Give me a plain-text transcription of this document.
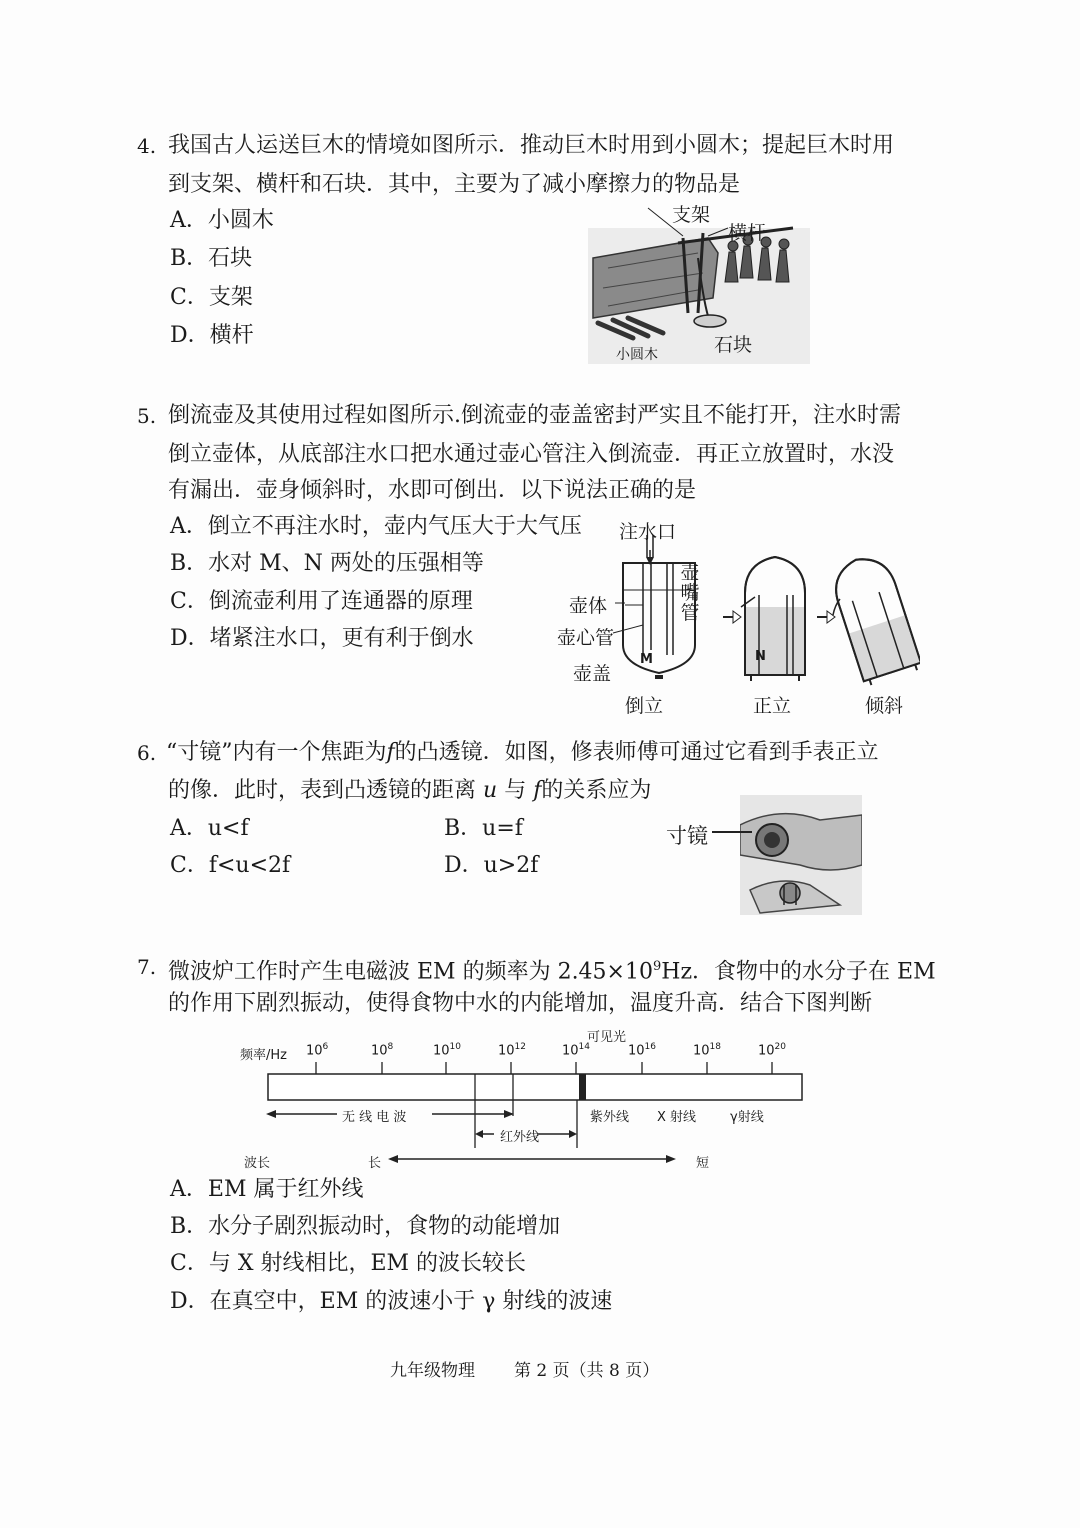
4. 我国古人运送巨木的情境如图所示．推动巨木时用到小圆木；提起巨木时用
到支架、横杆和石块．其中，主要为了减小摩擦力的物品是
A．小圆木
B．石块
C．支架
D．横杆
支架
横杆
石块
小圆木
5. 倒流壶及其使用过程如图所示.倒流壶的壶盖密封严实且不能打开，注水时需
倒立壶体，从底部注水口把水通过壶心管注入倒流壶．再正立放置时，水没
有漏出．壶身倾斜时，水即可倒出．以下说法正确的是
A．倒立不再注水时，壶内气压大于大气压
B．水对 M、N 两处的压强相等
C．倒流壶利用了连通器的原理
D．堵紧注水口，更有利于倒水
注水口
壶体
壶心管
壶盖
壶嘴管
M	N
倒立	正立	倾斜
6. “寸镜”内有一个焦距为f的凸透镜．如图，修表师傅可通过它看到手表正立
的像．此时，表到凸透镜的距离 u 与 f的关系应为
A．u<f	B．u=f
C．f<u<2f	D．u>2f
寸镜
7. 微波炉工作时产生电磁波 EM 的频率为 $2.45\times 10^9Hz$．食物中的水分子在 EM
的作用下剧烈振动，使得食物中水的内能增加，温度升高．结合下图判断
频率/Hz $10^6$	$10^8$	$10^{10}$	$10^{12}$	$10^{14}$	$10^{16}$	$10^{18}$	$10^{20}$
可见光
无 线 电 波
红外线
紫外线 X 射线	γ射线
波长	长	短
A．EM 属于红外线
B．水分子剧烈振动时，食物的动能增加
C．与 X 射线相比，EM 的波长较长
D．在真空中，EM 的波速小于 γ 射线的波速
九年级物理 第 2 页（共 8 页）
